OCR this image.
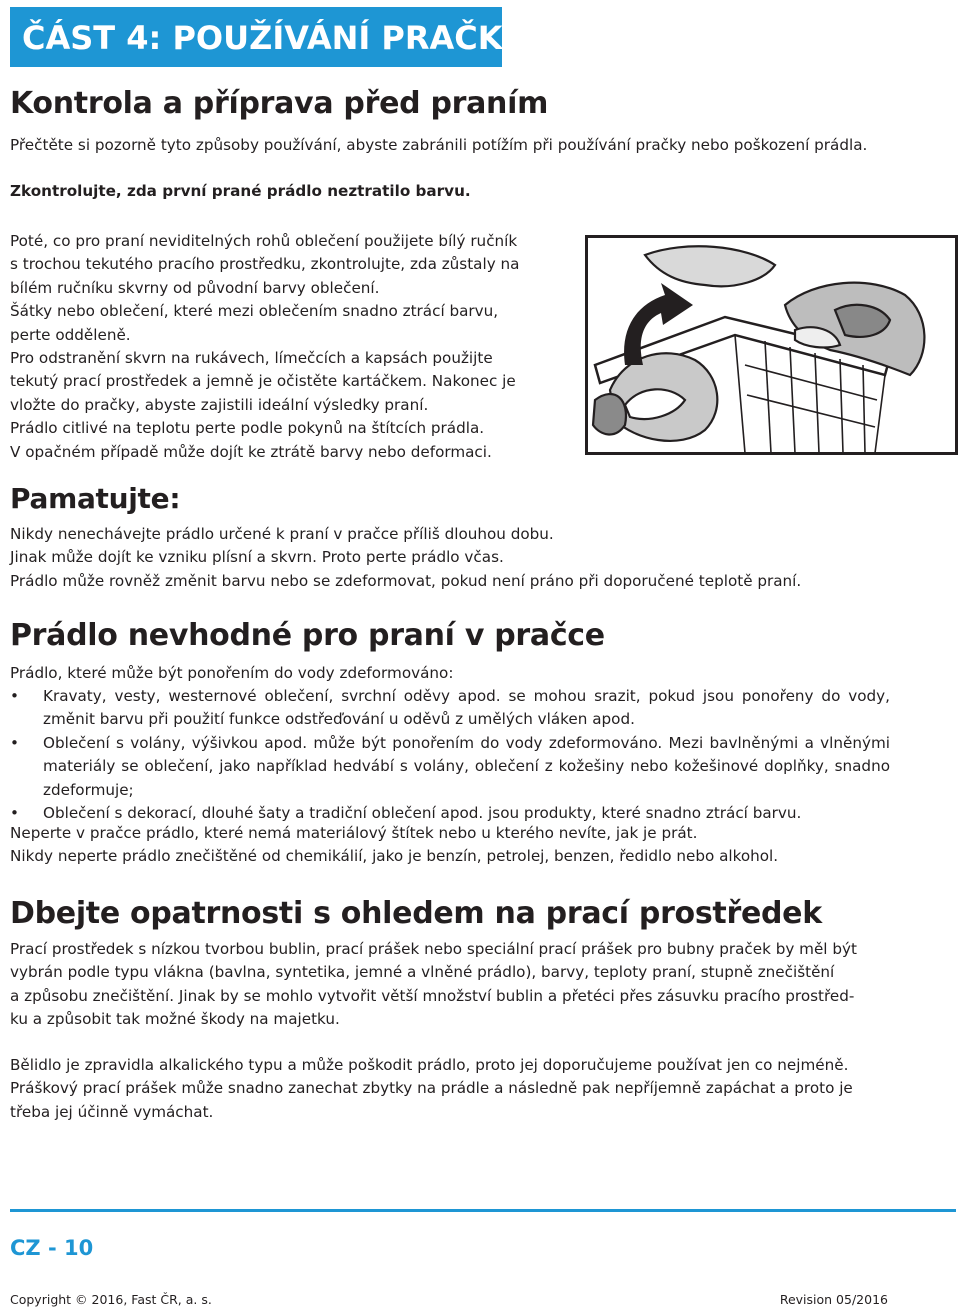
ČÁST 4: POUŽÍVÁNÍ PRAČKY
Kontrola a příprava před praním

Přečtěte si pozorně tyto způsoby používání, abyste zabránili potížím při používání pračky nebo poškození prádla.

Zkontrolujte, zda první prané prádlo neztratilo barvu.

Poté, co pro praní neviditelných rohů oblečení použijete bílý ručník
s trochou tekutého pracího prostředku, zkontrolujte, zda zůstaly na
bílém ručníku skvrny od původní barvy oblečení.
Šátky nebo oblečení, které mezi oblečením snadno ztrácí barvu,
perte odděleně.
Pro odstranění skvrn na rukávech, límečcích a kapsách použijte
tekutý prací prostředek a jemně je očistěte kartáčkem. Nakonec je
vložte do pračky, abyste zajistili ideální výsledky praní.
Prádlo citlivé na teplotu perte podle pokynů na štítcích prádla.
V opačném případě může dojít ke ztrátě barvy nebo deformaci.
Pamatujte:
Nikdy nenechávejte prádlo určené k praní v pračce příliš dlouhou dobu.
Jinak může dojít ke vzniku plísní a skvrn. Proto perte prádlo včas.
Prádlo může rovněž změnit barvu nebo se zdeformovat, pokud není práno při doporučené teplotě praní.
Prádlo nevhodné pro praní v pračce

Prádlo, které může být ponořením do vody zdeformováno:

• Kravaty, vesty, westernové oblečení, svrchní oděvy apod. se mohou srazit, pokud jsou ponořeny do vody, změnit barvu při použití funkce odstřeďování u oděvů z umělých vláken apod.
• Oblečení s volány, výšivkou apod. může být ponořením do vody zdeformováno. Mezi bavlněnými a vlněnými materiály se oblečení, jako například hedvábí s volány, oblečení z kožešiny nebo kožešinové doplňky, snadno zdeformuje;
• Oblečení s dekorací, dlouhé šaty a tradiční oblečení apod. jsou produkty, které snadno ztrácí barvu.
Neperte v pračce prádlo, které nemá materiálový štítek nebo u kterého nevíte, jak je prát.
Nikdy neperte prádlo znečištěné od chemikálií, jako je benzín, petrolej, benzen, ředidlo nebo alkohol.
Dbejte opatrnosti s ohledem na prací prostředek
Prací prostředek s nízkou tvorbou bublin, prací prášek nebo speciální prací prášek pro bubny praček by měl být
vybrán podle typu vlákna (bavlna, syntetika, jemné a vlněné prádlo), barvy, teploty praní, stupně znečištění
a způsobu znečištění. Jinak by se mohlo vytvořit větší množství bublin a přetéci přes zásuvku pracího prostřed-
ku a způsobit tak možné škody na majetku.
Bělidlo je zpravidla alkalického typu a může poškodit prádlo, proto jej doporučujeme používat jen co nejméně.
Práškový prací prášek může snadno zanechat zbytky na prádle a následně pak nepříjemně zapáchat a proto je
třeba jej účinně vymáchat.
CZ - 10
Copyright © 2016, Fast ČR, a. s.	Revision 05/2016
